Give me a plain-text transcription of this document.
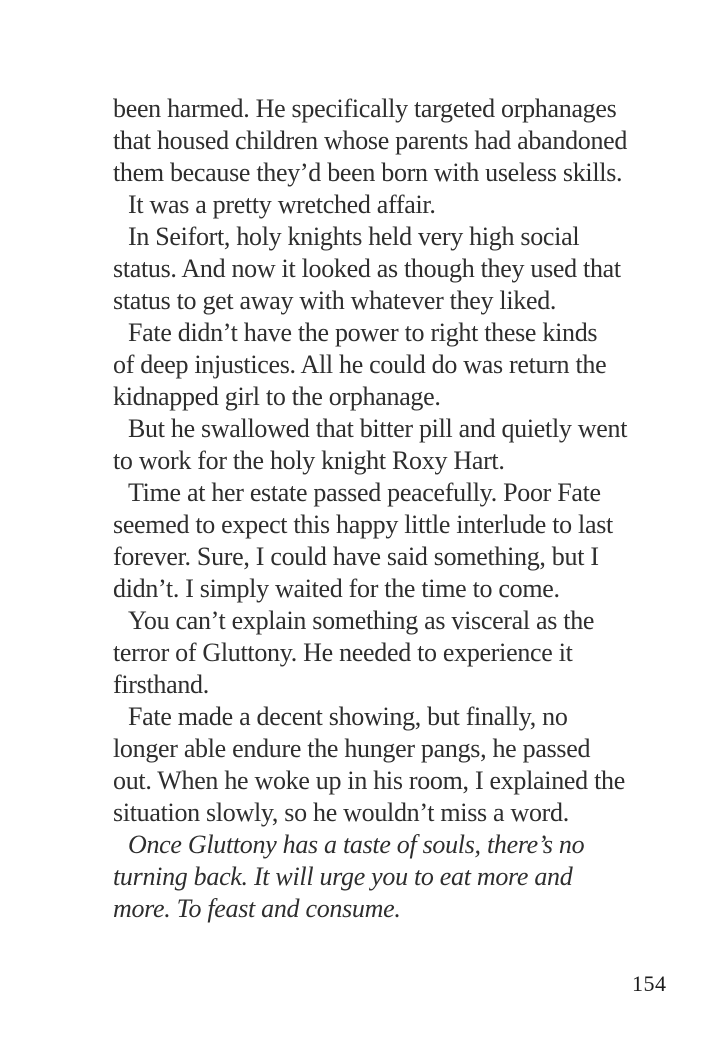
been harmed. He specifically targeted orphanages
that housed children whose parents had abandoned
them because they’d been born with useless skills.

It was a pretty wretched affair.

In Seifort, holy knights held very high social
status. And now it looked as though they used that
status to get away with whatever they liked.

Fate didn’t have the power to right these kinds
of deep injustices. All he could do was return the
kidnapped girl to the orphanage.

But he swallowed that bitter pill and quietly went
to work for the holy knight Roxy Hart.

Time at her estate passed peacefully. Poor Fate
seemed to expect this happy little interlude to last
forever. Sure, I could have said something, but I
didn’t. I simply waited for the time to come.

You can’t explain something as visceral as the
terror of Gluttony. He needed to experience it
firsthand.

Fate made a decent showing, but finally, no
longer able endure the hunger pangs, he passed
out. When he woke up in his room, I explained the
situation slowly, so he wouldn’t miss a word.

Once Gluttony has a taste of souls, there’s no
turning back. It will urge you to eat more and
more. To feast and consume.

154
